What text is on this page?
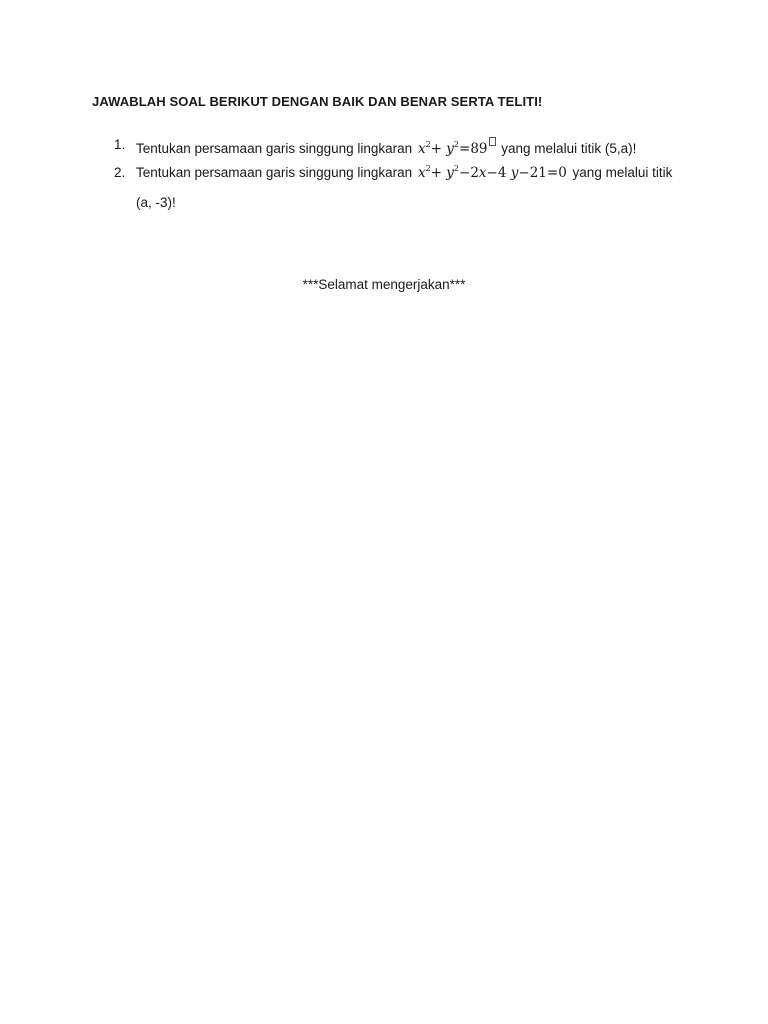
JAWABLAH SOAL BERIKUT DENGAN BAIK DAN BENAR SERTA TELITI!
1. Tentukan persamaan garis singgung lingkaran $x^2+ y^2=89$ yang melalui titik (5,a)!
2. Tentukan persamaan garis singgung lingkaran $x^2+ y^2-2x-4$ y−21=0 yang melalui titik
(a, -3)!
***Selamat mengerjakan***
